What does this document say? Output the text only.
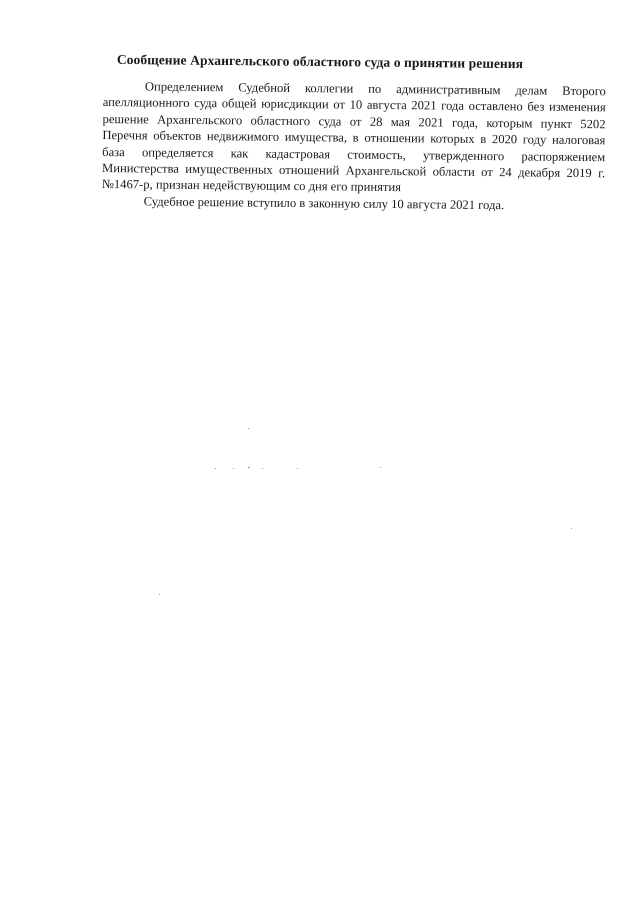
Сообщение Архангельского областного суда о принятии решения
Определением Судебной коллегии по административным делам Второго
апелляционного суда общей юрисдикции от 10 августа 2021 года оставлено без изменения
решение Архангельского областного суда от 28 мая 2021 года, которым пункт 5202
Перечня объектов недвижимого имущества, в отношении которых в 2020 году налоговая
база определяется как кадастровая стоимость, утвержденного распоряжением
Министерства имущественных отношений Архангельской области от 24 декабря 2019 г.
№1467-р, признан недействующим со дня его принятия
Судебное решение вступило в законную силу 10 августа 2021 года.
